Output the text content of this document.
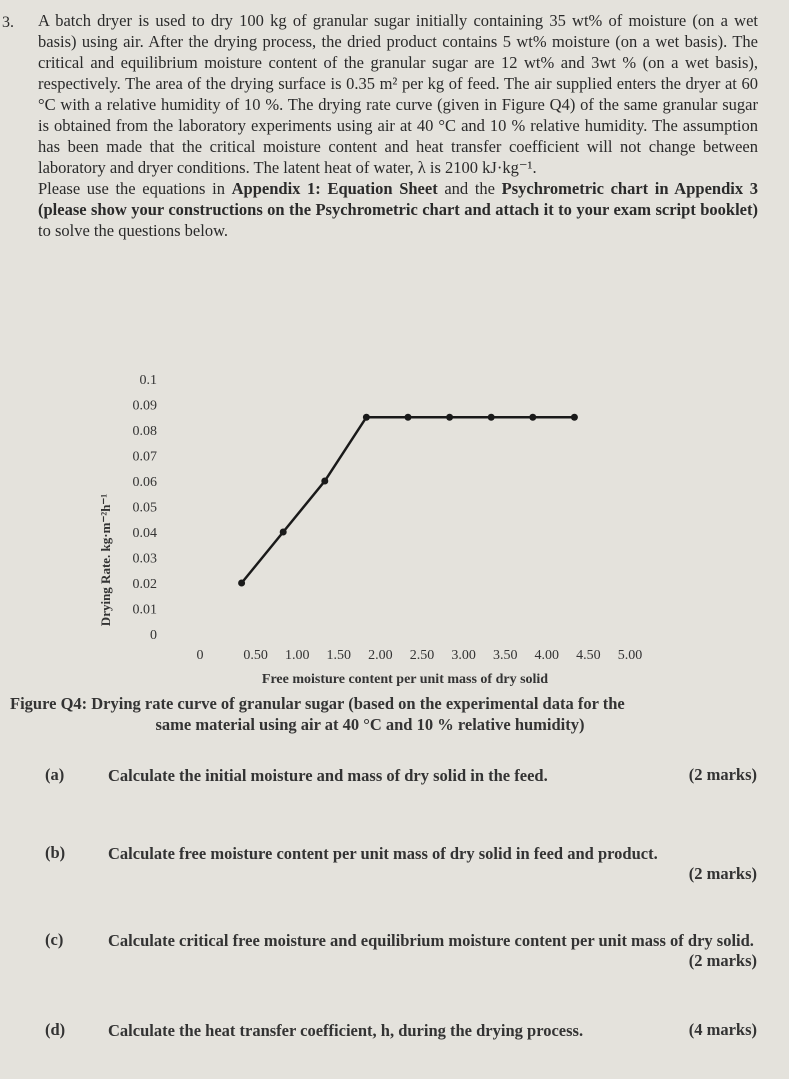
3. A batch dryer is used to dry 100 kg of granular sugar initially containing 35 wt% of moisture (on a wet basis) using air. After the drying process, the dried product contains 5 wt% moisture (on a wet basis). The critical and equilibrium moisture content of the granular sugar are 12 wt% and 3wt % (on a wet basis), respectively. The area of the drying surface is 0.35 m² per kg of feed. The air supplied enters the dryer at 60 °C with a relative humidity of 10 %. The drying rate curve (given in Figure Q4) of the same granular sugar is obtained from the laboratory experiments using air at 40 °C and 10 % relative humidity. The assumption has been made that the critical moisture content and heat transfer coefficient will not change between laboratory and dryer conditions. The latent heat of water, λ is 2100 kJ·kg⁻¹.

Please use the equations in Appendix 1: Equation Sheet and the Psychrometric chart in Appendix 3 (please show your constructions on the Psychrometric chart and attach it to your exam script booklet) to solve the questions below.

0
0.01
0.02
0.03
0.04
0.05
0.06
0.07
0.08
0.09
0.1
0	0.50 1.00 1.50 2.00 2.50 3.00 3.50 4.00 4.50 5.00
Drying Rate. kg·m⁻²h⁻¹
Free moisture content per unit mass of dry solid
Figure Q4: Drying rate curve of granular sugar (based on the experimental data for the
same material using air at 40 °C and 10 % relative humidity)
(a)	Calculate the initial moisture and mass of dry solid in the feed.	(2 marks)
(b)	Calculate free moisture content per unit mass of dry solid in feed and product.
(2 marks)
(c)	Calculate critical free moisture and equilibrium moisture content per unit mass of dry solid.
(2 marks)
(d)	Calculate the heat transfer coefficient, h, during the drying process.	(4 marks)
